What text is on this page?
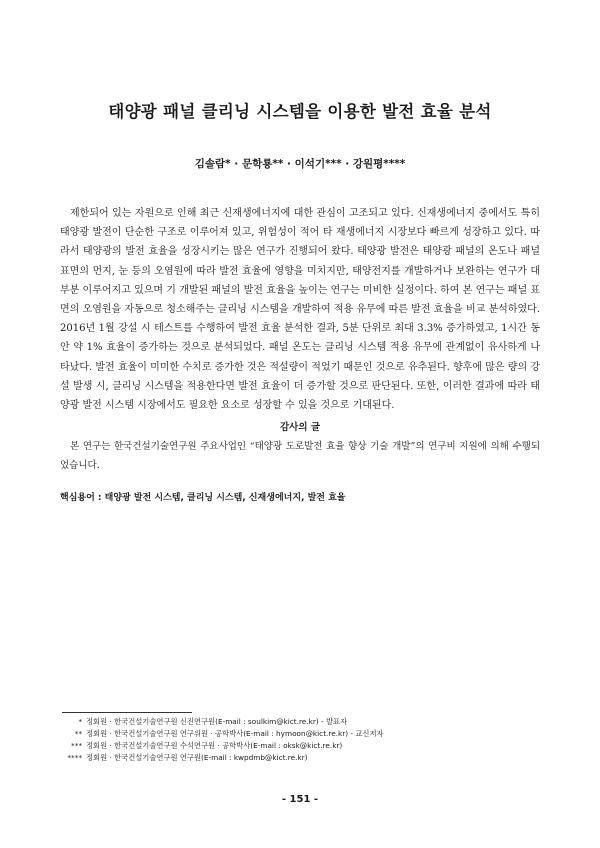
태양광 패널 클리닝 시스템을 이용한 발전 효율 분석
김솔람* · 문학룡** · 이석기*** · 강원평****

제한되어 있는 자원으로 인해 최근 신재생에너지에 대한 관심이 고조되고 있다. 신재생에너지 중에서도 특히 태양광 발전이 단순한 구조로 이루어져 있고, 위험성이 적어 타 재생에너지 시장보다 빠르게 성장하고 있다. 따라서 태양광의 발전 효율을 성장시키는 많은 연구가 진행되어 왔다. 태양광 발전은 태양광 패널의 온도나 패널 표면의 먼지, 눈 등의 오염원에 따라 발전 효율에 영향을 미치지만, 태양전지를 개발하거나 보완하는 연구가 대부분 이루어지고 있으며 기 개발된 패널의 발전 효율을 높이는 연구는 미비한 실정이다. 하여 본 연구는 패널 표면의 오염원을 자동으로 청소해주는 클리닝 시스템을 개발하여 적용 유무에 따른 발전 효율을 비교 분석하였다. 2016년 1월 강설 시 테스트를 수행하여 발전 효율 분석한 결과, 5분 단위로 최대 3.3% 증가하였고, 1시간 동안 약 1% 효율이 증가하는 것으로 분석되었다. 패널 온도는 클리닝 시스템 적용 유무에 관계없이 유사하게 나타났다. 발전 효율이 미미한 수치로 증가한 것은 적설량이 적었기 때문인 것으로 유추된다. 향후에 많은 량의 강설 발생 시, 클리닝 시스템을 적용한다면 발전 효율이 더 증가할 것으로 판단된다. 또한, 이러한 결과에 따라 태양광 발전 시스템 시장에서도 필요한 요소로 성장할 수 있을 것으로 기대된다.

감사의 글

본 연구는 한국건설기술연구원 주요사업인 “태양광 도로발전 효율 향상 기술 개발”의 연구비 지원에 의해 수행되었습니다.

핵심용어 : 태양광 발전 시스템, 클리닝 시스템, 신재생에너지, 발전 효율
* 정회원 · 한국건설기술연구원 신진연구원(E-mail : soulkim@kict.re.kr) - 발표자
** 정회원 · 한국건설기술연구원 연구위원 · 공학박사(E-mail : hymoon@kict.re.kr) - 교신저자
*** 정회원 · 한국건설기술연구원 수석연구원 · 공학박사(E-mail : oksk@kict.re.kr)
**** 정회원 · 한국건설기술연구원 연구원(E-mail : kwpdmb@kict.re.kr)
- 151 -
